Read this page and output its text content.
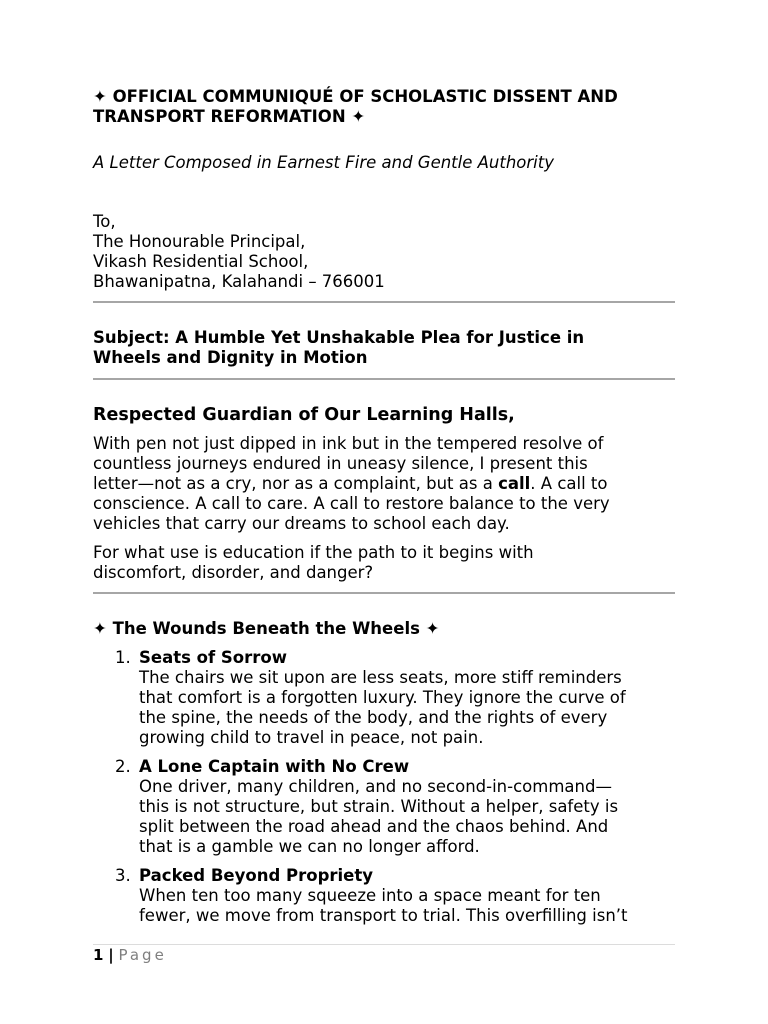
✦ OFFICIAL COMMUNIQUÉ OF SCHOLASTIC DISSENT AND
TRANSPORT REFORMATION ✦

A Letter Composed in Earnest Fire and Gentle Authority

To,
The Honourable Principal,
Vikash Residential School,
Bhawanipatna, Kalahandi – 766001
Subject: A Humble Yet Unshakable Plea for Justice in
Wheels and Dignity in Motion
Respected Guardian of Our Learning Halls,
With pen not just dipped in ink but in the tempered resolve of
countless journeys endured in uneasy silence, I present this
letter—not as a cry, nor as a complaint, but as a call. A call to
conscience. A call to care. A call to restore balance to the very
vehicles that carry our dreams to school each day.
For what use is education if the path to it begins with
discomfort, disorder, and danger?
✦ The Wounds Beneath the Wheels ✦
1. Seats of Sorrow
The chairs we sit upon are less seats, more stiff reminders
that comfort is a forgotten luxury. They ignore the curve of
the spine, the needs of the body, and the rights of every
growing child to travel in peace, not pain.
2. A Lone Captain with No Crew
One driver, many children, and no second-in-command—
this is not structure, but strain. Without a helper, safety is
split between the road ahead and the chaos behind. And
that is a gamble we can no longer afford.
3. Packed Beyond Propriety
When ten too many squeeze into a space meant for ten
fewer, we move from transport to trial. This overfilling isn’t
1 | Page
